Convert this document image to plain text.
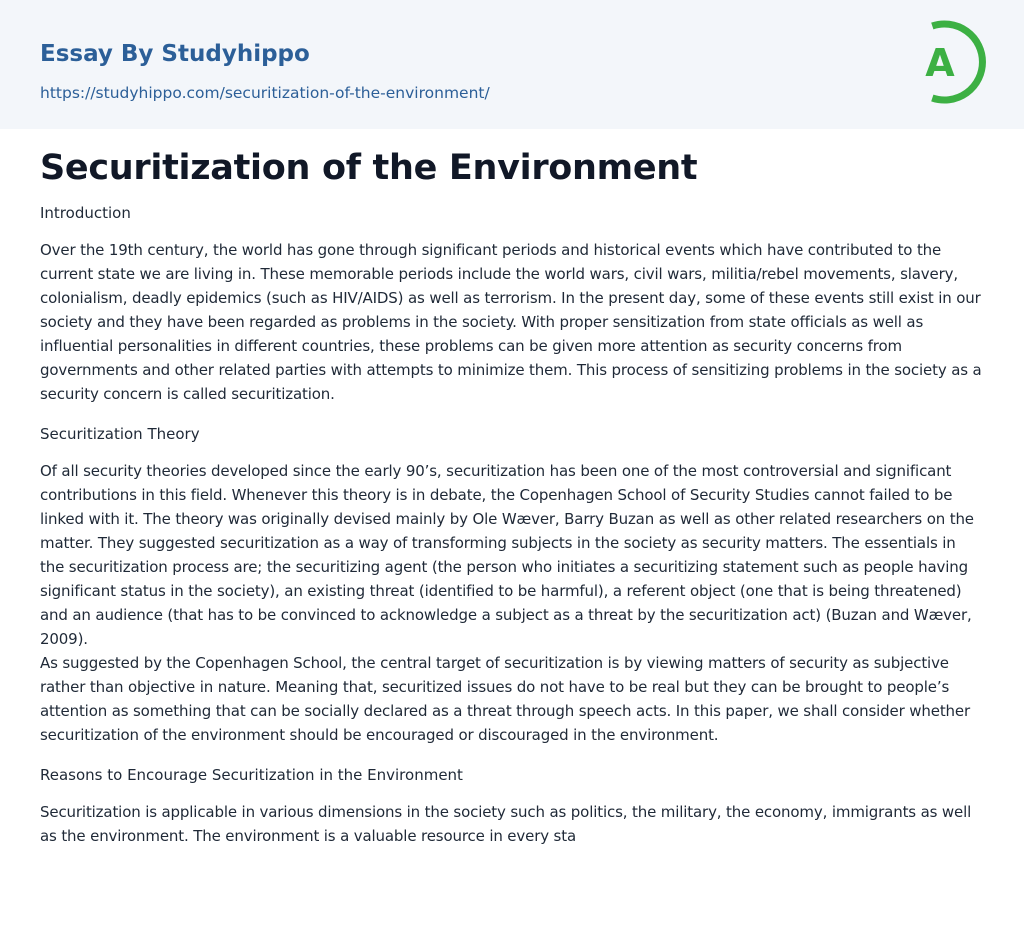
Essay By Studyhippo
https://studyhippo.com/securitization-of-the-environment/
A
Securitization of the Environment
Introduction

Over the 19th century, the world has gone through significant periods and historical events which have contributed to the current state we are living in. These memorable periods include the world wars, civil wars, militia/rebel movements, slavery, colonialism, deadly epidemics (such as HIV/AIDS) as well as terrorism. In the present day, some of these events still exist in our society and they have been regarded as problems in the society. With proper sensitization from state officials as well as influential personalities in different countries, these problems can be given more attention as security concerns from governments and other related parties with attempts to minimize them. This process of sensitizing problems in the society as a security concern is called securitization.

Securitization Theory

Of all security theories developed since the early 90’s, securitization has been one of the most controversial and significant contributions in this field. Whenever this theory is in debate, the Copenhagen School of Security Studies cannot failed to be linked with it. The theory was originally devised mainly by Ole Wæver, Barry Buzan as well as other related researchers on the matter. They suggested securitization as a way of transforming subjects in the society as security matters. The essentials in the securitization process are; the securitizing agent (the person who initiates a securitizing statement such as people having significant status in the society), an existing threat (identified to be harmful), a referent object (one that is being threatened) and an audience (that has to be convinced to acknowledge a subject as a threat by the securitization act) (Buzan and Wæver, 2009).

As suggested by the Copenhagen School, the central target of securitization is by viewing matters of security as subjective rather than objective in nature. Meaning that, securitized issues do not have to be real but they can be brought to people’s attention as something that can be socially declared as a threat through speech acts. In this paper, we shall consider whether securitization of the environment should be encouraged or discouraged in the environment.

Reasons to Encourage Securitization in the Environment

Securitization is applicable in various dimensions in the society such as politics, the military, the economy, immigrants as well as the environment. The environment is a valuable resource in every sta
